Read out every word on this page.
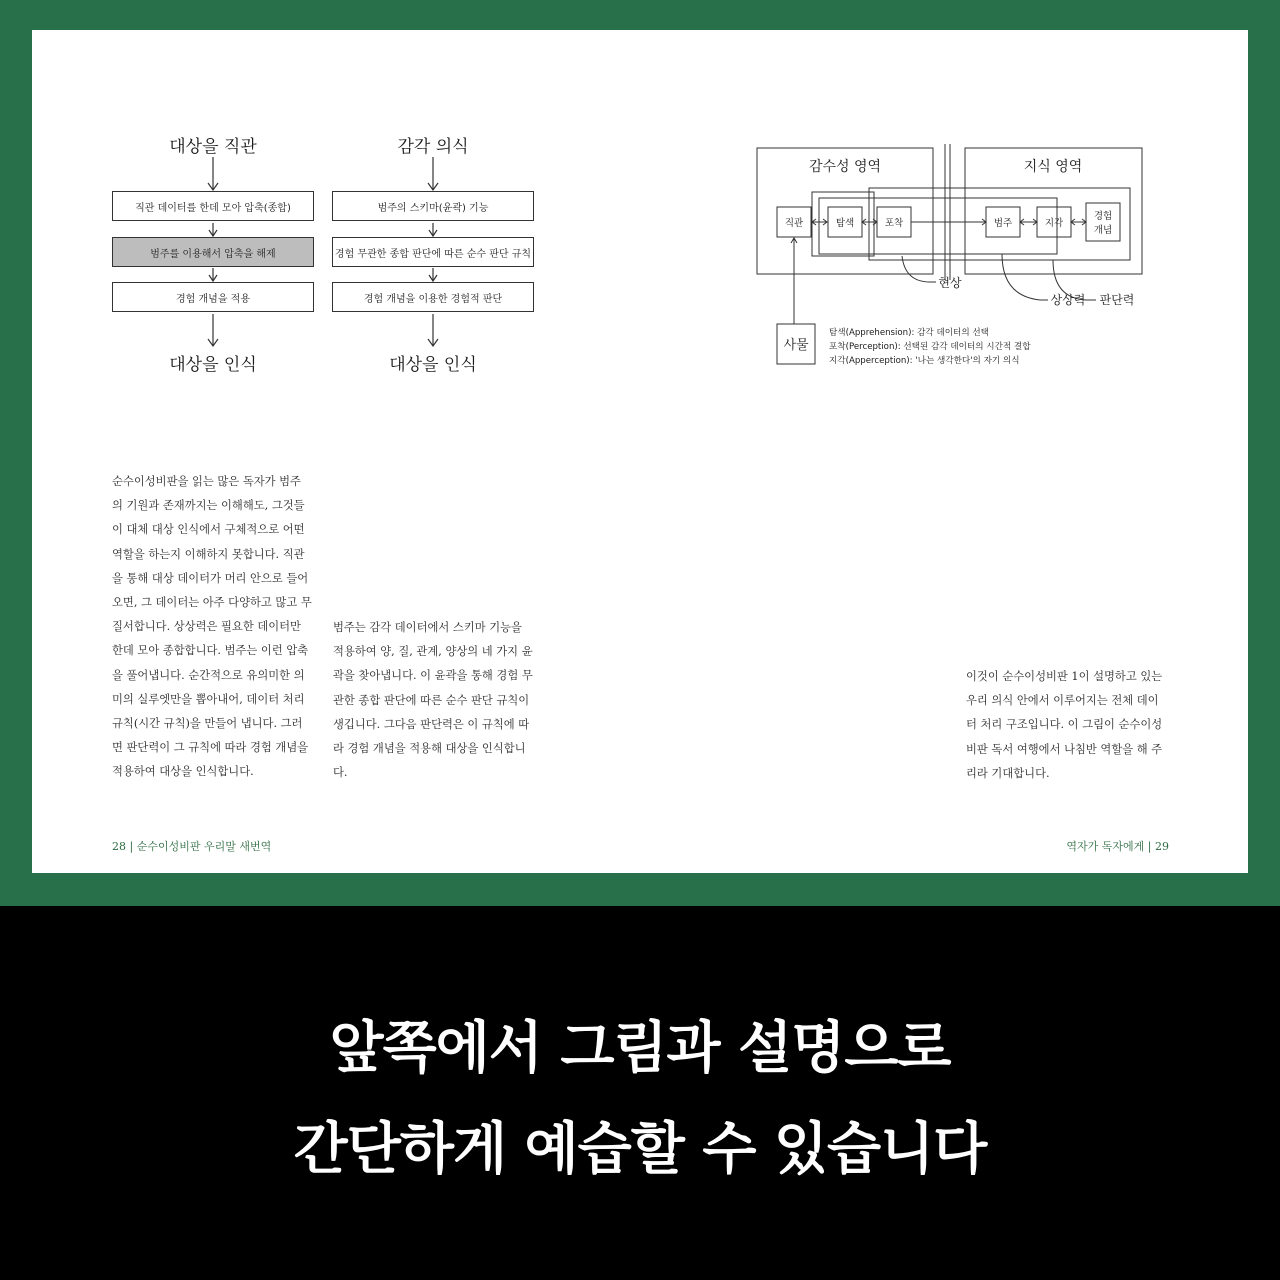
대상을 직관
직관 데이터를 한데 모아 압축(종합)
범주를 이용해서 압축을 해제
경험 개념을 적용
대상을 인식
감각 의식
범주의 스키마(윤곽) 기능
경험 무관한 종합 판단에 따른 순수 판단 규칙
경험 개념을 이용한 경험적 판단
대상을 인식
감수성 영역	지식 영역
직관	탐색	포착	범주	지각
경험
개념
사물
현상
상상력 판단력
탐색(Apprehension): 감각 데이터의 선택
포착(Perception): 선택된 감각 데이터의 시간적 결합
지각(Apperception): '나는 생각한다'의 자기 의식
순수이성비판을 읽는 많은 독자가 범주
의 기원과 존재까지는 이해해도, 그것들
이 대체 대상 인식에서 구체적으로 어떤
역할을 하는지 이해하지 못합니다. 직관
을 통해 대상 데이터가 머리 안으로 들어
오면, 그 데이터는 아주 다양하고 많고 무
질서합니다. 상상력은 필요한 데이터만
한데 모아 종합합니다. 범주는 이런 압축
을 풀어냅니다. 순간적으로 유의미한 의
미의 실루엣만을 뽑아내어, 데이터 처리
규칙(시간 규칙)을 만들어 냅니다. 그러
면 판단력이 그 규칙에 따라 경험 개념을
적용하여 대상을 인식합니다.
범주는 감각 데이터에서 스키마 기능을
적용하여 양, 질, 관계, 양상의 네 가지 윤
곽을 찾아냅니다. 이 윤곽을 통해 경험 무
관한 종합 판단에 따른 순수 판단 규칙이
생깁니다. 그다음 판단력은 이 규칙에 따
라 경험 개념을 적용해 대상을 인식합니
다.
이것이 순수이성비판 1이 설명하고 있는
우리 의식 안에서 이루어지는 전체 데이
터 처리 구조입니다. 이 그림이 순수이성
비판 독서 여행에서 나침반 역할을 해 주
리라 기대합니다.
28 | 순수이성비판 우리말 새번역	역자가 독자에게 | 29
앞쪽에서 그림과 설명으로
간단하게 예습할 수 있습니다
